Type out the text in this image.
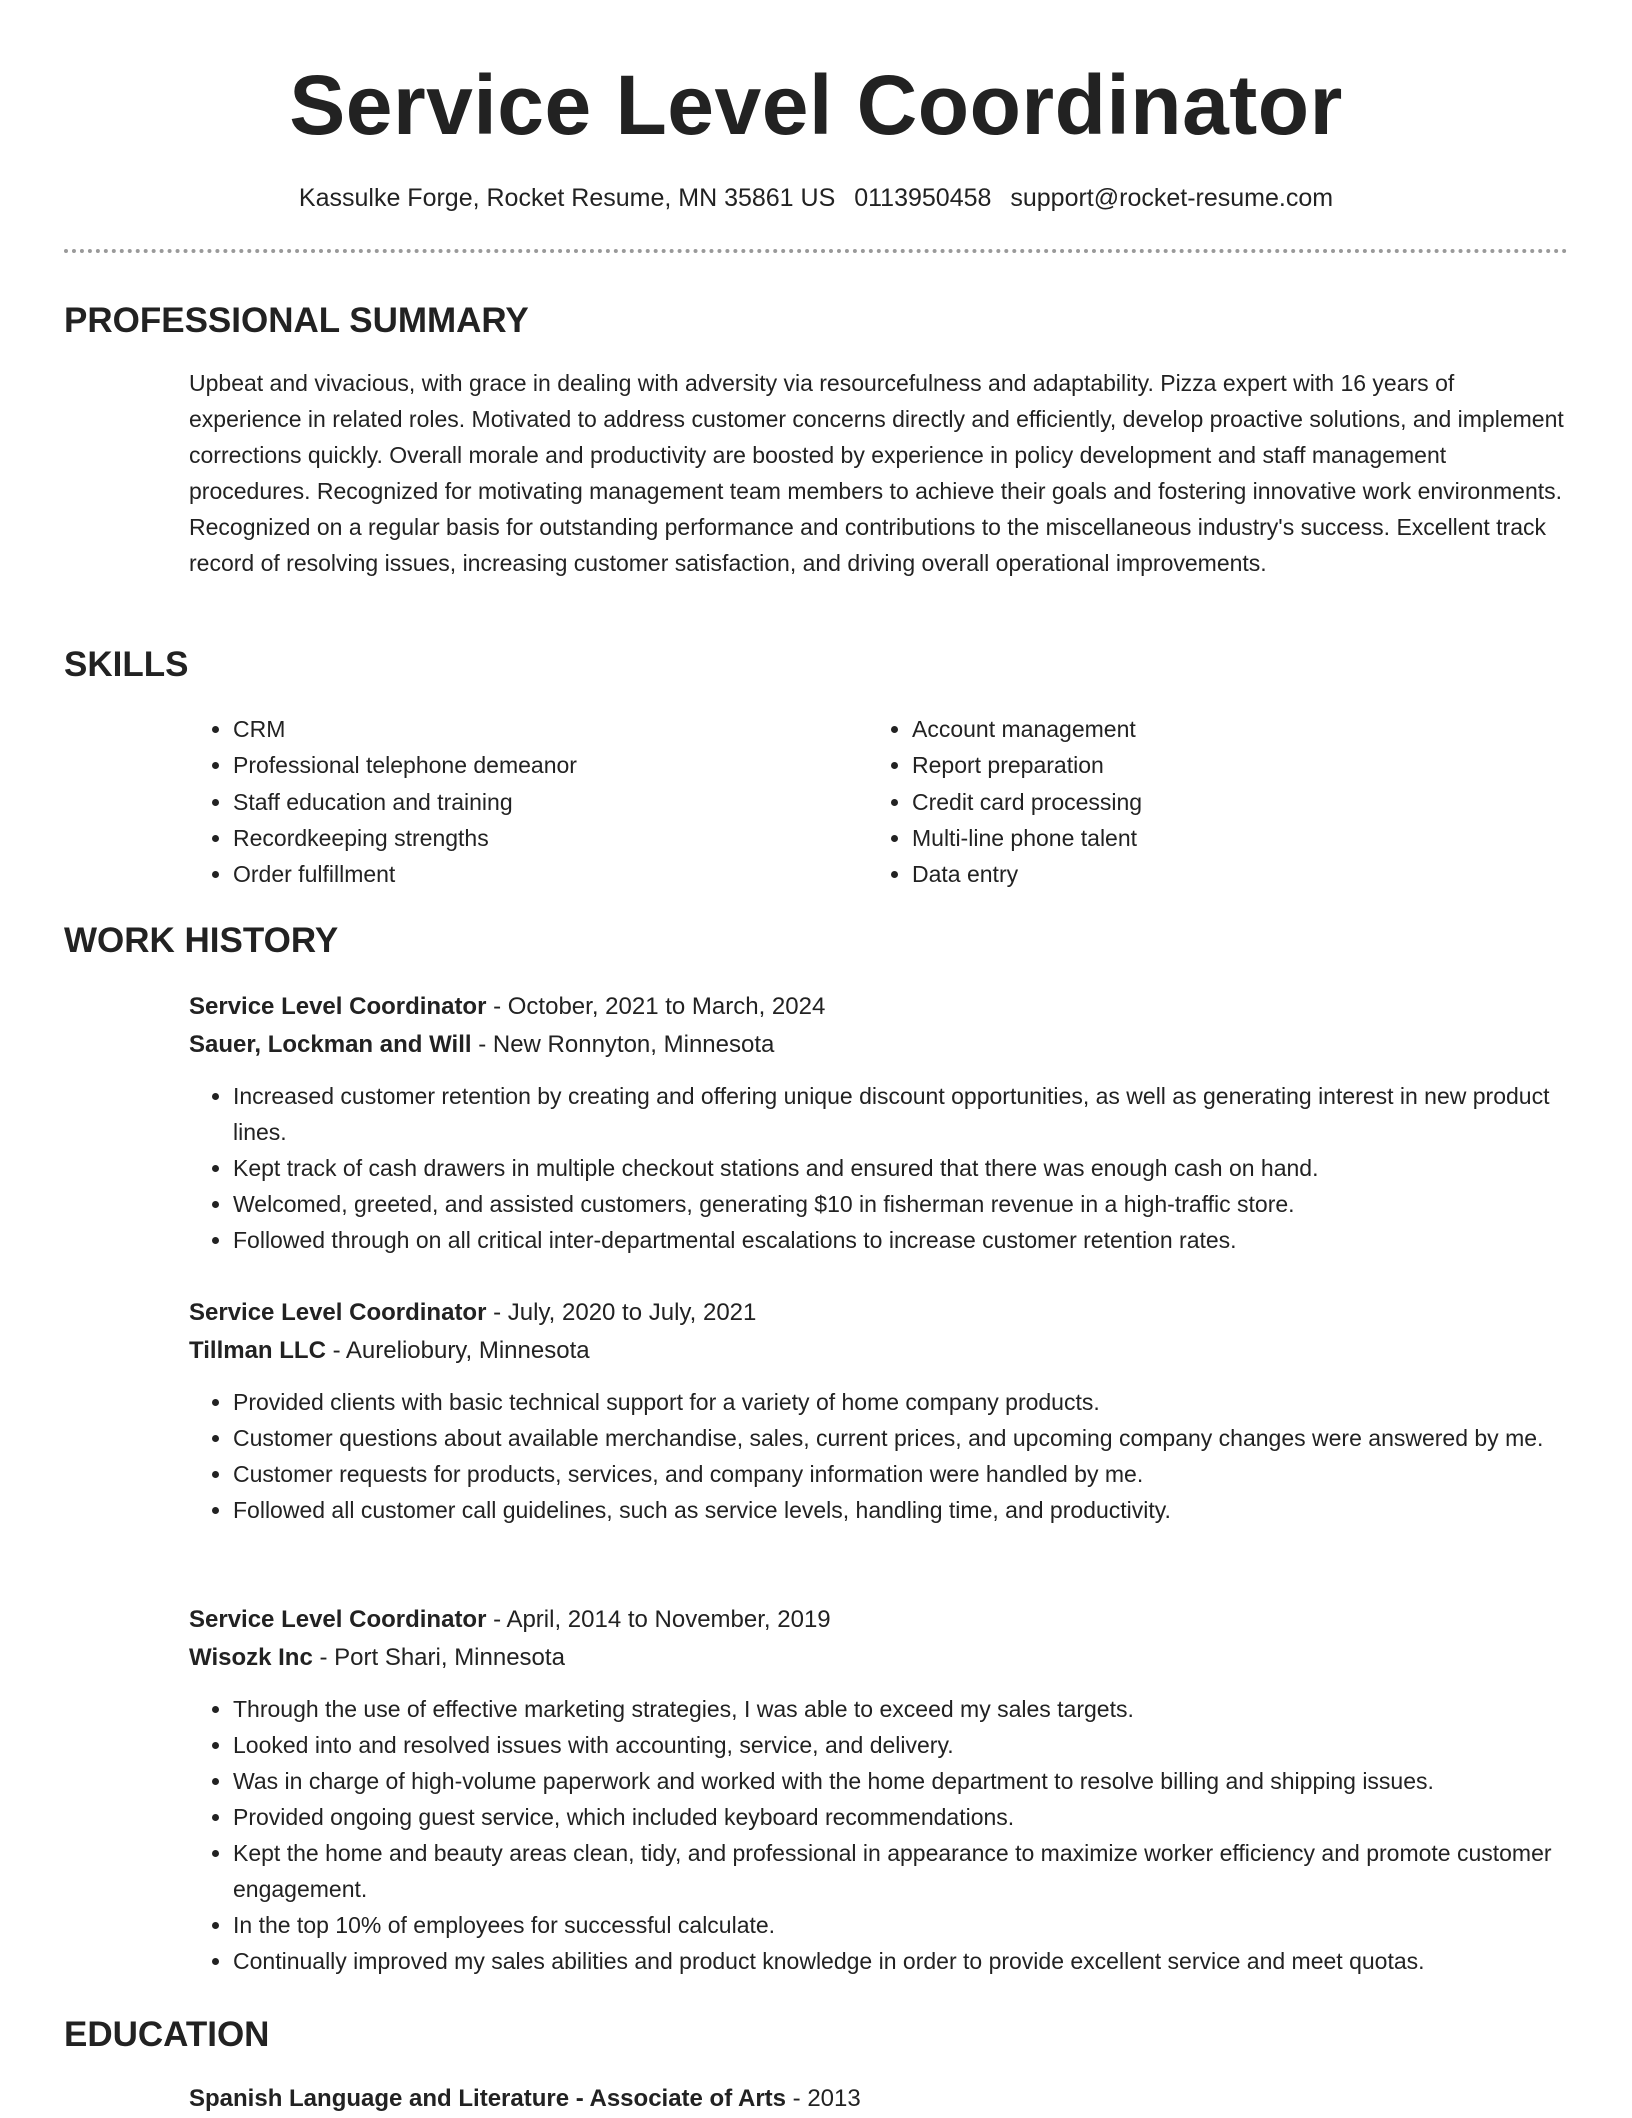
Service Level Coordinator
Kassulke Forge, Rocket Resume, MN 35861 US 0113950458 support@rocket-resume.com
PROFESSIONAL SUMMARY

Upbeat and vivacious, with grace in dealing with adversity via resourcefulness and adaptability. Pizza expert with 16 years of experience in related roles. Motivated to address customer concerns directly and efficiently, develop proactive solutions, and implement corrections quickly. Overall morale and productivity are boosted by experience in policy development and staff management procedures. Recognized for motivating management team members to achieve their goals and fostering innovative work environments. Recognized on a regular basis for outstanding performance and contributions to the miscellaneous industry's success. Excellent track record of resolving issues, increasing customer satisfaction, and driving overall operational improvements.

SKILLS
• CRM
• Professional telephone demeanor
• Staff education and training
• Recordkeeping strengths
• Order fulfillment
• Account management
• Report preparation
• Credit card processing
• Multi-line phone talent
• Data entry
WORK HISTORY

Service Level Coordinator - October, 2021 to March, 2024

Sauer, Lockman and Will - New Ronnyton, Minnesota

• Increased customer retention by creating and offering unique discount opportunities, as well as generating interest in new product lines.
• Kept track of cash drawers in multiple checkout stations and ensured that there was enough cash on hand.
• Welcomed, greeted, and assisted customers, generating $10 in fisherman revenue in a high-traffic store.
• Followed through on all critical inter-departmental escalations to increase customer retention rates.

Service Level Coordinator - July, 2020 to July, 2021

Tillman LLC - Aureliobury, Minnesota

• Provided clients with basic technical support for a variety of home company products.
• Customer questions about available merchandise, sales, current prices, and upcoming company changes were answered by me.
• Customer requests for products, services, and company information were handled by me.
• Followed all customer call guidelines, such as service levels, handling time, and productivity.

Service Level Coordinator - April, 2014 to November, 2019

Wisozk Inc - Port Shari, Minnesota

• Through the use of effective marketing strategies, I was able to exceed my sales targets.
• Looked into and resolved issues with accounting, service, and delivery.
• Was in charge of high-volume paperwork and worked with the home department to resolve billing and shipping issues.
• Provided ongoing guest service, which included keyboard recommendations.
• Kept the home and beauty areas clean, tidy, and professional in appearance to maximize worker efficiency and promote customer engagement.
• In the top 10% of employees for successful calculate.
• Continually improved my sales abilities and product knowledge in order to provide excellent service and meet quotas.
EDUCATION

Spanish Language and Literature - Associate of Arts - 2013
